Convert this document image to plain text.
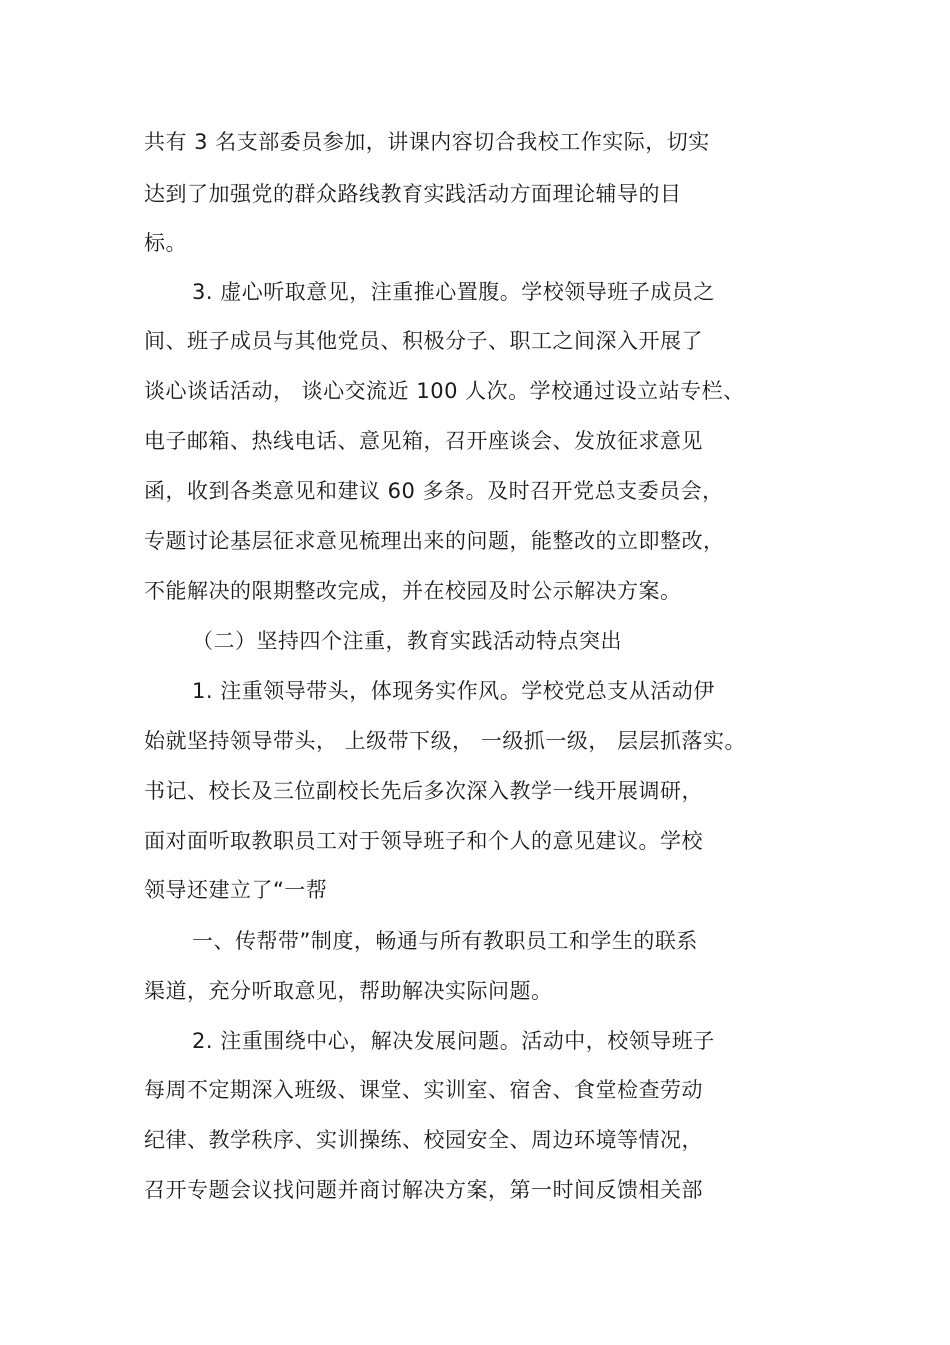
共有 3 名支部委员参加，讲课内容切合我校工作实际，切实
达到了加强党的群众路线教育实践活动方面理论辅导的目
标。
3. 虚心听取意见，注重推心置腹。学校领导班子成员之
间、班子成员与其他党员、积极分子、职工之间深入开展了
谈心谈话活动， 谈心交流近 100 人次。学校通过设立站专栏、
电子邮箱、热线电话、意见箱，召开座谈会、发放征求意见
函，收到各类意见和建议 60 多条。及时召开党总支委员会，
专题讨论基层征求意见梳理出来的问题，能整改的立即整改，
不能解决的限期整改完成，并在校园及时公示解决方案。
（二）坚持四个注重，教育实践活动特点突出
1. 注重领导带头，体现务实作风。学校党总支从活动伊
始就坚持领导带头， 上级带下级， 一级抓一级， 层层抓落实。
书记、校长及三位副校长先后多次深入教学一线开展调研，
面对面听取教职员工对于领导班子和个人的意见建议。学校
领导还建立了“一帮
一、传帮带”制度，畅通与所有教职员工和学生的联系
渠道，充分听取意见，帮助解决实际问题。
2. 注重围绕中心，解决发展问题。活动中，校领导班子
每周不定期深入班级、课堂、实训室、宿舍、食堂检查劳动
纪律、教学秩序、实训操练、校园安全、周边环境等情况，
召开专题会议找问题并商讨解决方案，第一时间反馈相关部
